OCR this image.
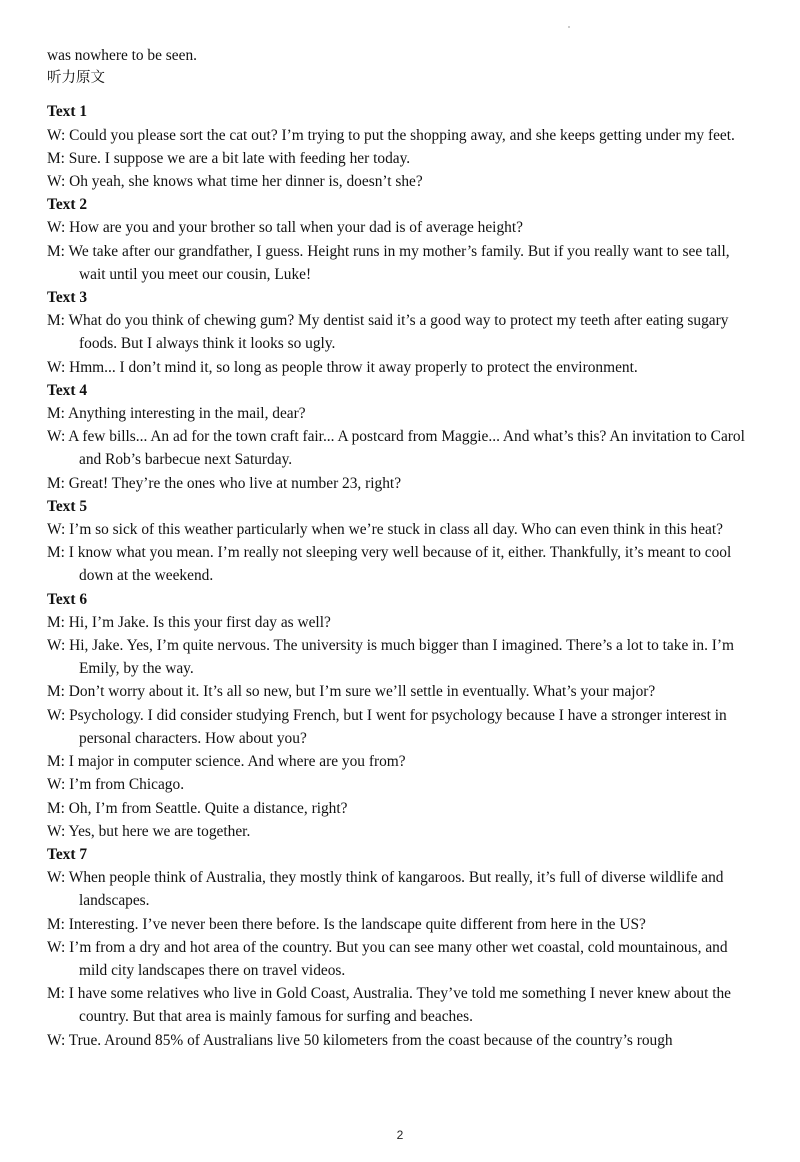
was nowhere to be seen.
听力原文
Text 1
W: Could you please sort the cat out? I’m trying to put the shopping away, and she keeps getting under my feet.
M: Sure. I suppose we are a bit late with feeding her today.
W: Oh yeah, she knows what time her dinner is, doesn’t she?
Text 2
W: How are you and your brother so tall when your dad is of average height?
M: We take after our grandfather, I guess. Height runs in my mother’s family. But if you really want to see tall, wait until you meet our cousin, Luke!
Text 3
M: What do you think of chewing gum? My dentist said it’s a good way to protect my teeth after eating sugary foods. But I always think it looks so ugly.
W: Hmm... I don’t mind it, so long as people throw it away properly to protect the environment.
Text 4
M: Anything interesting in the mail, dear?
W: A few bills... An ad for the town craft fair... A postcard from Maggie... And what’s this? An invitation to Carol and Rob’s barbecue next Saturday.
M: Great! They’re the ones who live at number 23, right?
Text 5
W: I’m so sick of this weather particularly when we’re stuck in class all day. Who can even think in this heat?
M: I know what you mean. I’m really not sleeping very well because of it, either. Thankfully, it’s meant to cool down at the weekend.
Text 6
M: Hi, I’m Jake. Is this your first day as well?
W: Hi, Jake. Yes, I’m quite nervous. The university is much bigger than I imagined. There’s a lot to take in. I’m Emily, by the way.
M: Don’t worry about it. It’s all so new, but I’m sure we’ll settle in eventually. What’s your major?
W: Psychology. I did consider studying French, but I went for psychology because I have a stronger interest in personal characters. How about you?
M: I major in computer science. And where are you from?
W: I’m from Chicago.
M: Oh, I’m from Seattle. Quite a distance, right?
W: Yes, but here we are together.
Text 7
W: When people think of Australia, they mostly think of kangaroos. But really, it’s full of diverse wildlife and landscapes.
M: Interesting. I’ve never been there before. Is the landscape quite different from here in the US?
W: I’m from a dry and hot area of the country. But you can see many other wet coastal, cold mountainous, and mild city landscapes there on travel videos.
M: I have some relatives who live in Gold Coast, Australia. They’ve told me something I never knew about the country. But that area is mainly famous for surfing and beaches.
W: True. Around 85% of Australians live 50 kilometers from the coast because of the country’s rough
2
